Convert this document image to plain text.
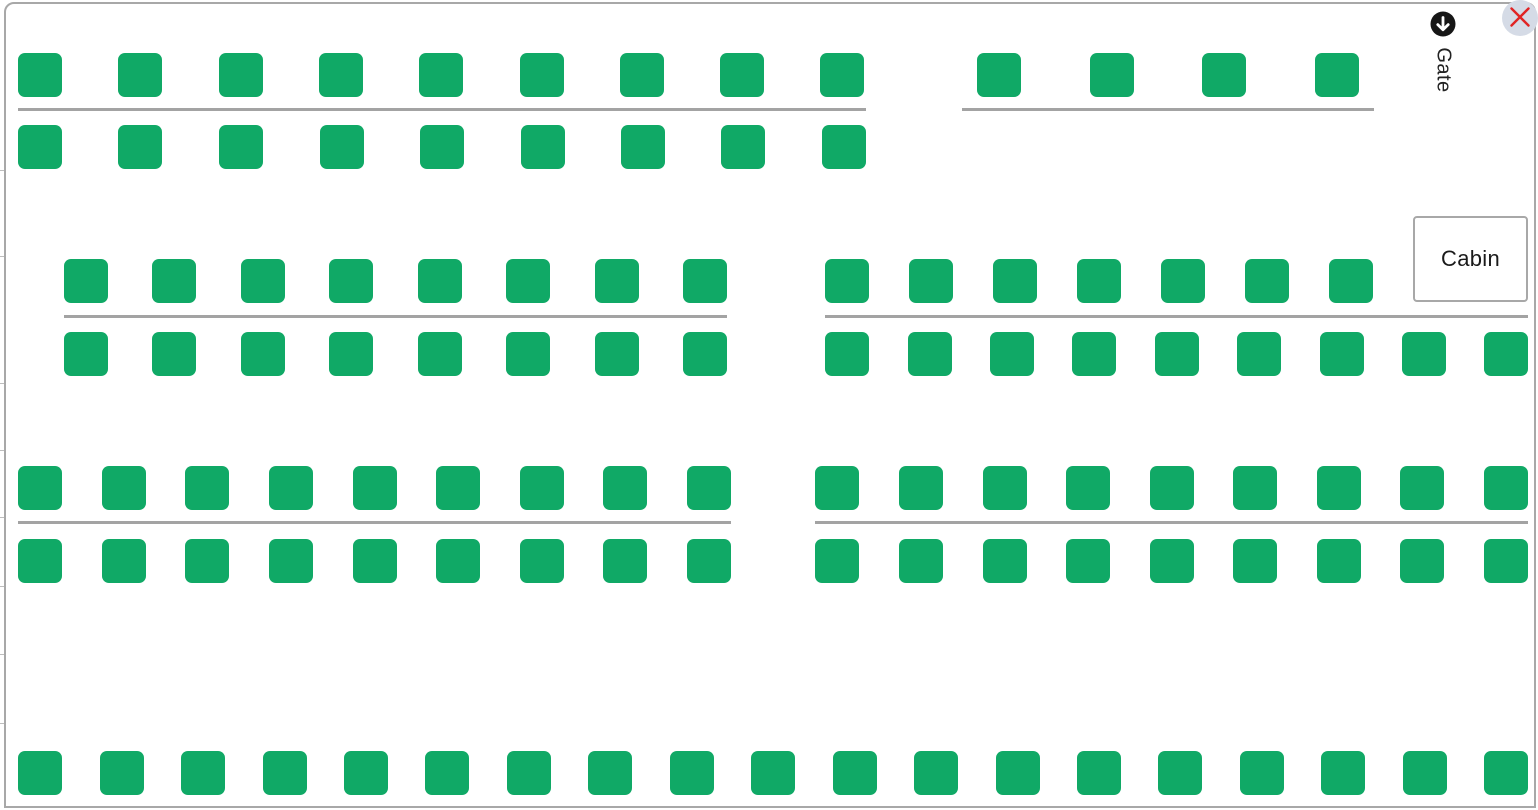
Gate
Cabin
